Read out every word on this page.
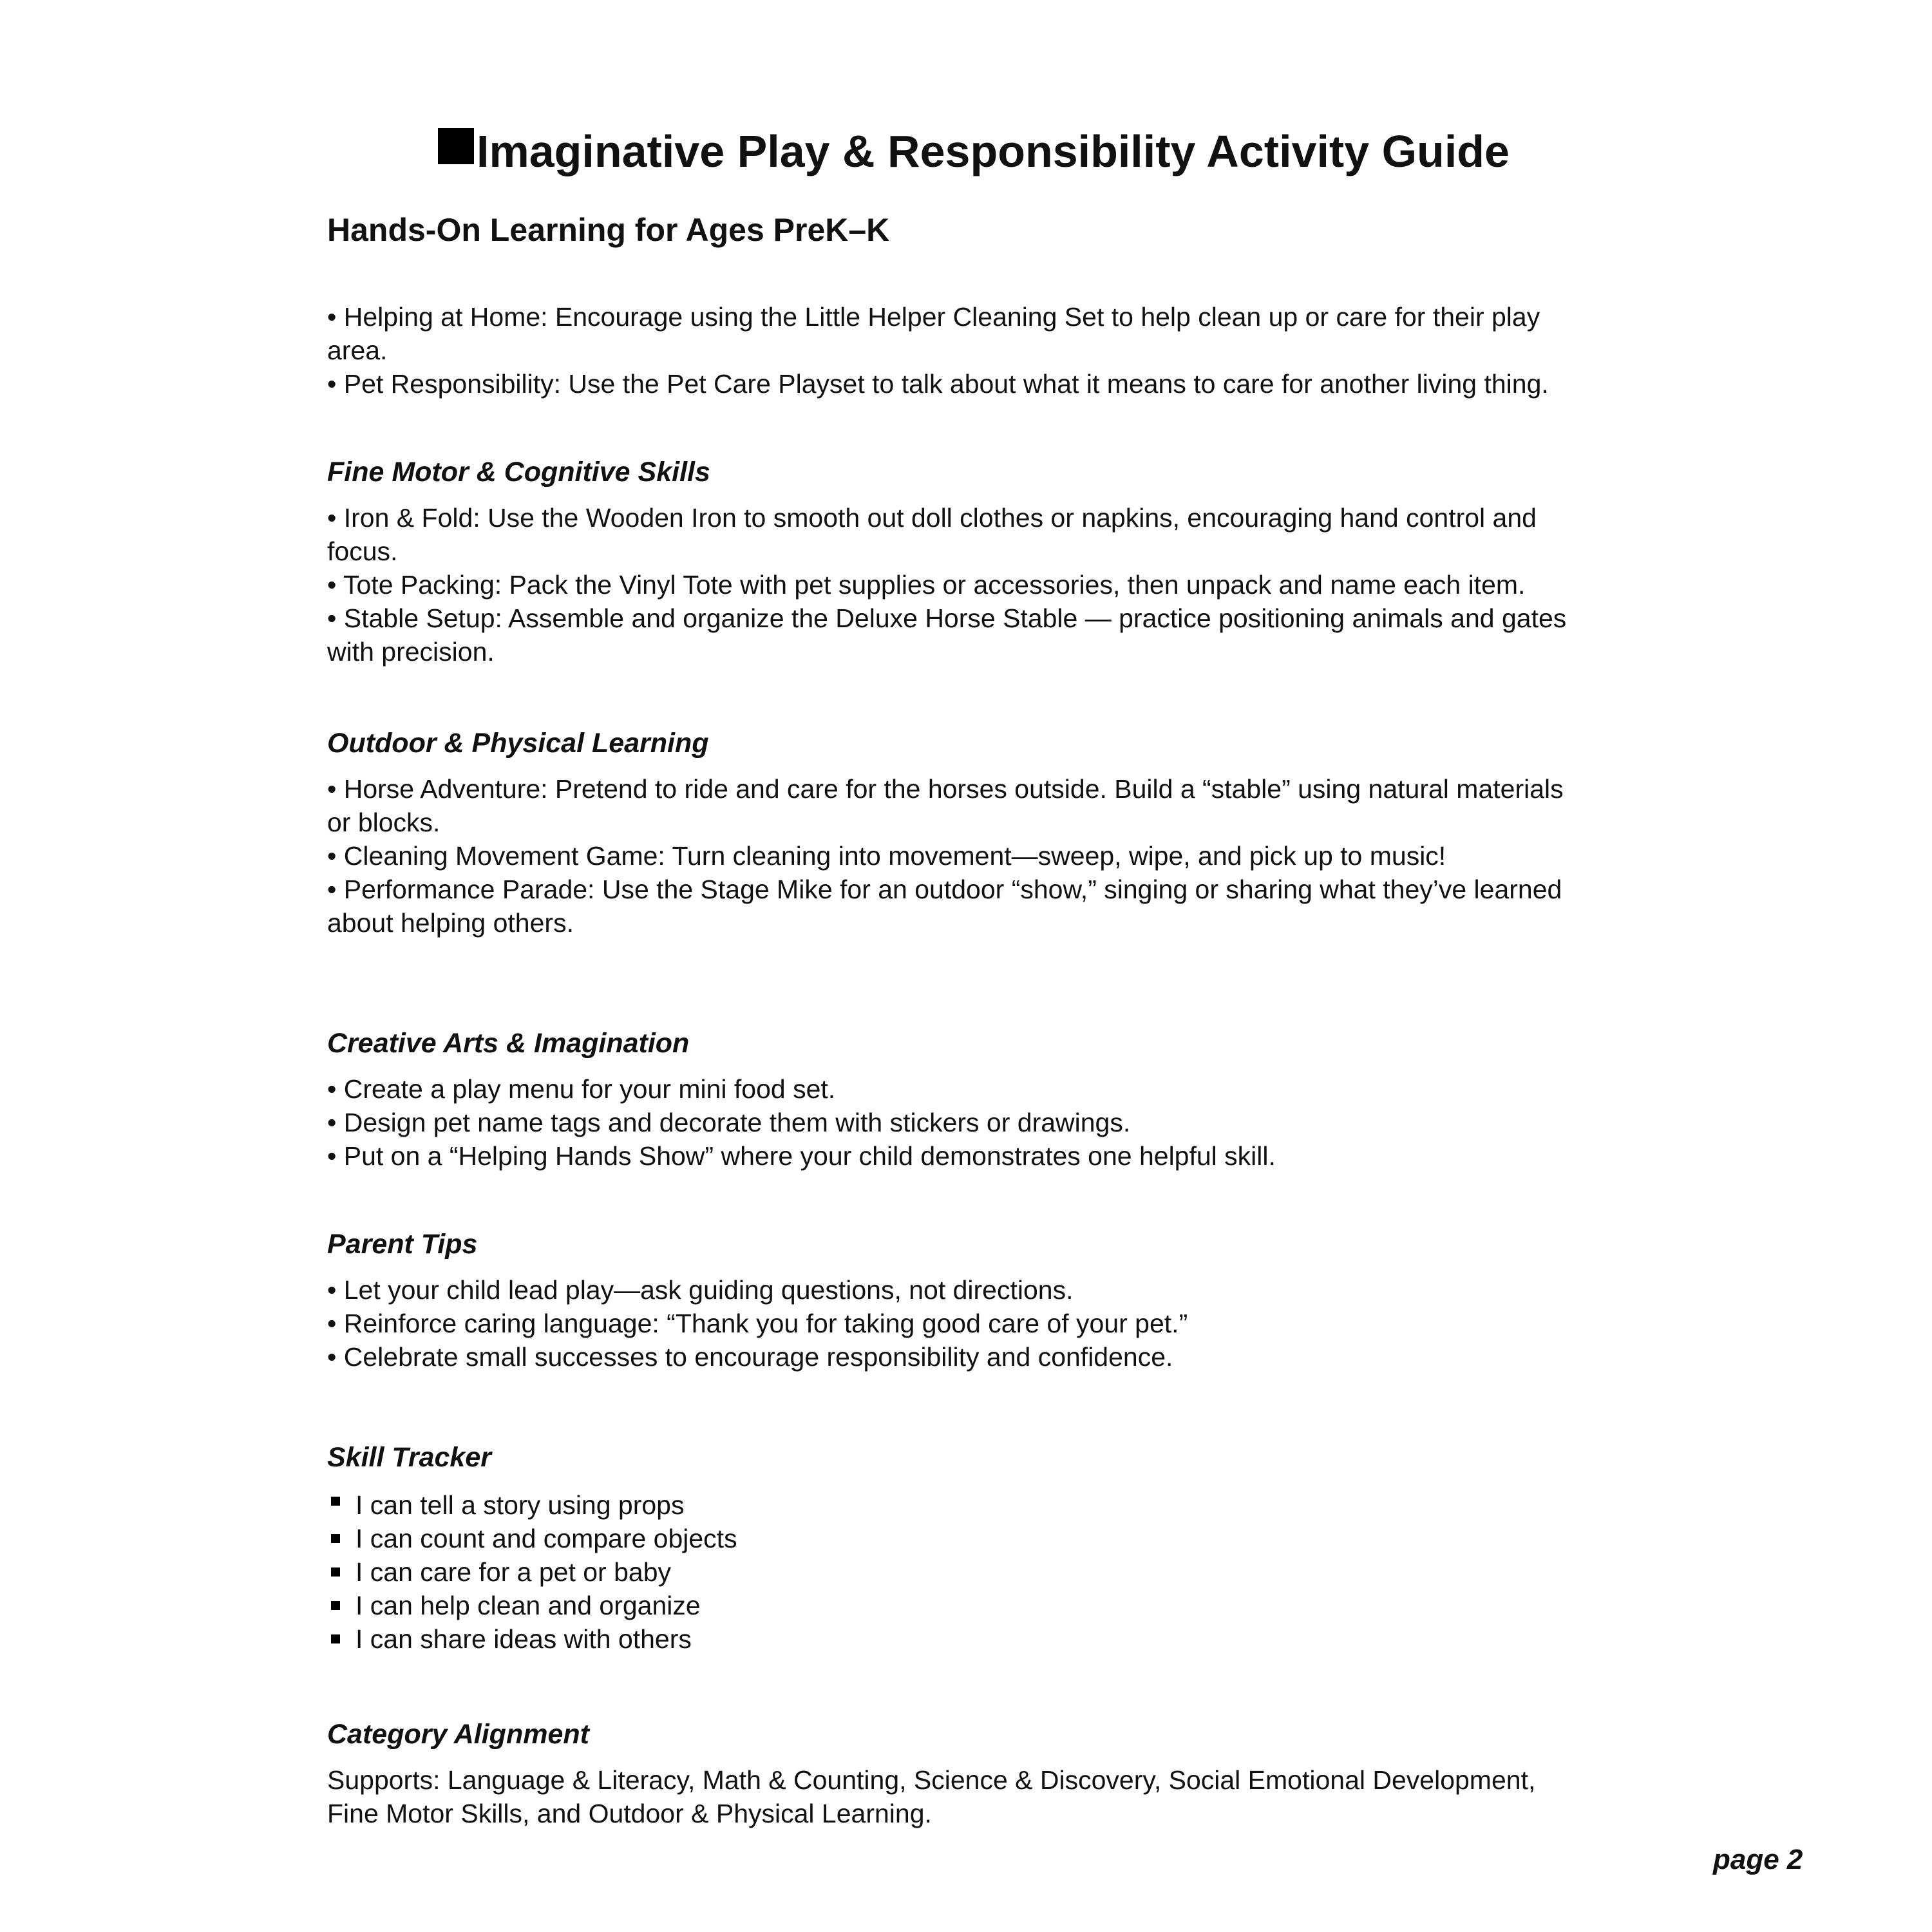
Imaginative Play & Responsibility Activity Guide
Hands-On Learning for Ages PreK–K

• Helping at Home: Encourage using the Little Helper Cleaning Set to help clean up or care for their play

area.

• Pet Responsibility: Use the Pet Care Playset to talk about what it means to care for another living thing.

Fine Motor & Cognitive Skills

• Iron & Fold: Use the Wooden Iron to smooth out doll clothes or napkins, encouraging hand control and

focus.

• Tote Packing: Pack the Vinyl Tote with pet supplies or accessories, then unpack and name each item.

• Stable Setup: Assemble and organize the Deluxe Horse Stable — practice positioning animals and gates

with precision.

Outdoor & Physical Learning

• Horse Adventure: Pretend to ride and care for the horses outside. Build a “stable” using natural materials

or blocks.

• Cleaning Movement Game: Turn cleaning into movement—sweep, wipe, and pick up to music!

• Performance Parade: Use the Stage Mike for an outdoor “show,” singing or sharing what they’ve learned

about helping others.

Creative Arts & Imagination

• Create a play menu for your mini food set.

• Design pet name tags and decorate them with stickers or drawings.

• Put on a “Helping Hands Show” where your child demonstrates one helpful skill.

Parent Tips

• Let your child lead play—ask guiding questions, not directions.

• Reinforce caring language: “Thank you for taking good care of your pet.”

• Celebrate small successes to encourage responsibility and confidence.

Skill Tracker
I can tell a story using props
I can count and compare objects
I can care for a pet or baby
I can help clean and organize
I can share ideas with others
Category Alignment

Supports: Language & Literacy, Math & Counting, Science & Discovery, Social Emotional Development,

Fine Motor Skills, and Outdoor & Physical Learning.

page 2
